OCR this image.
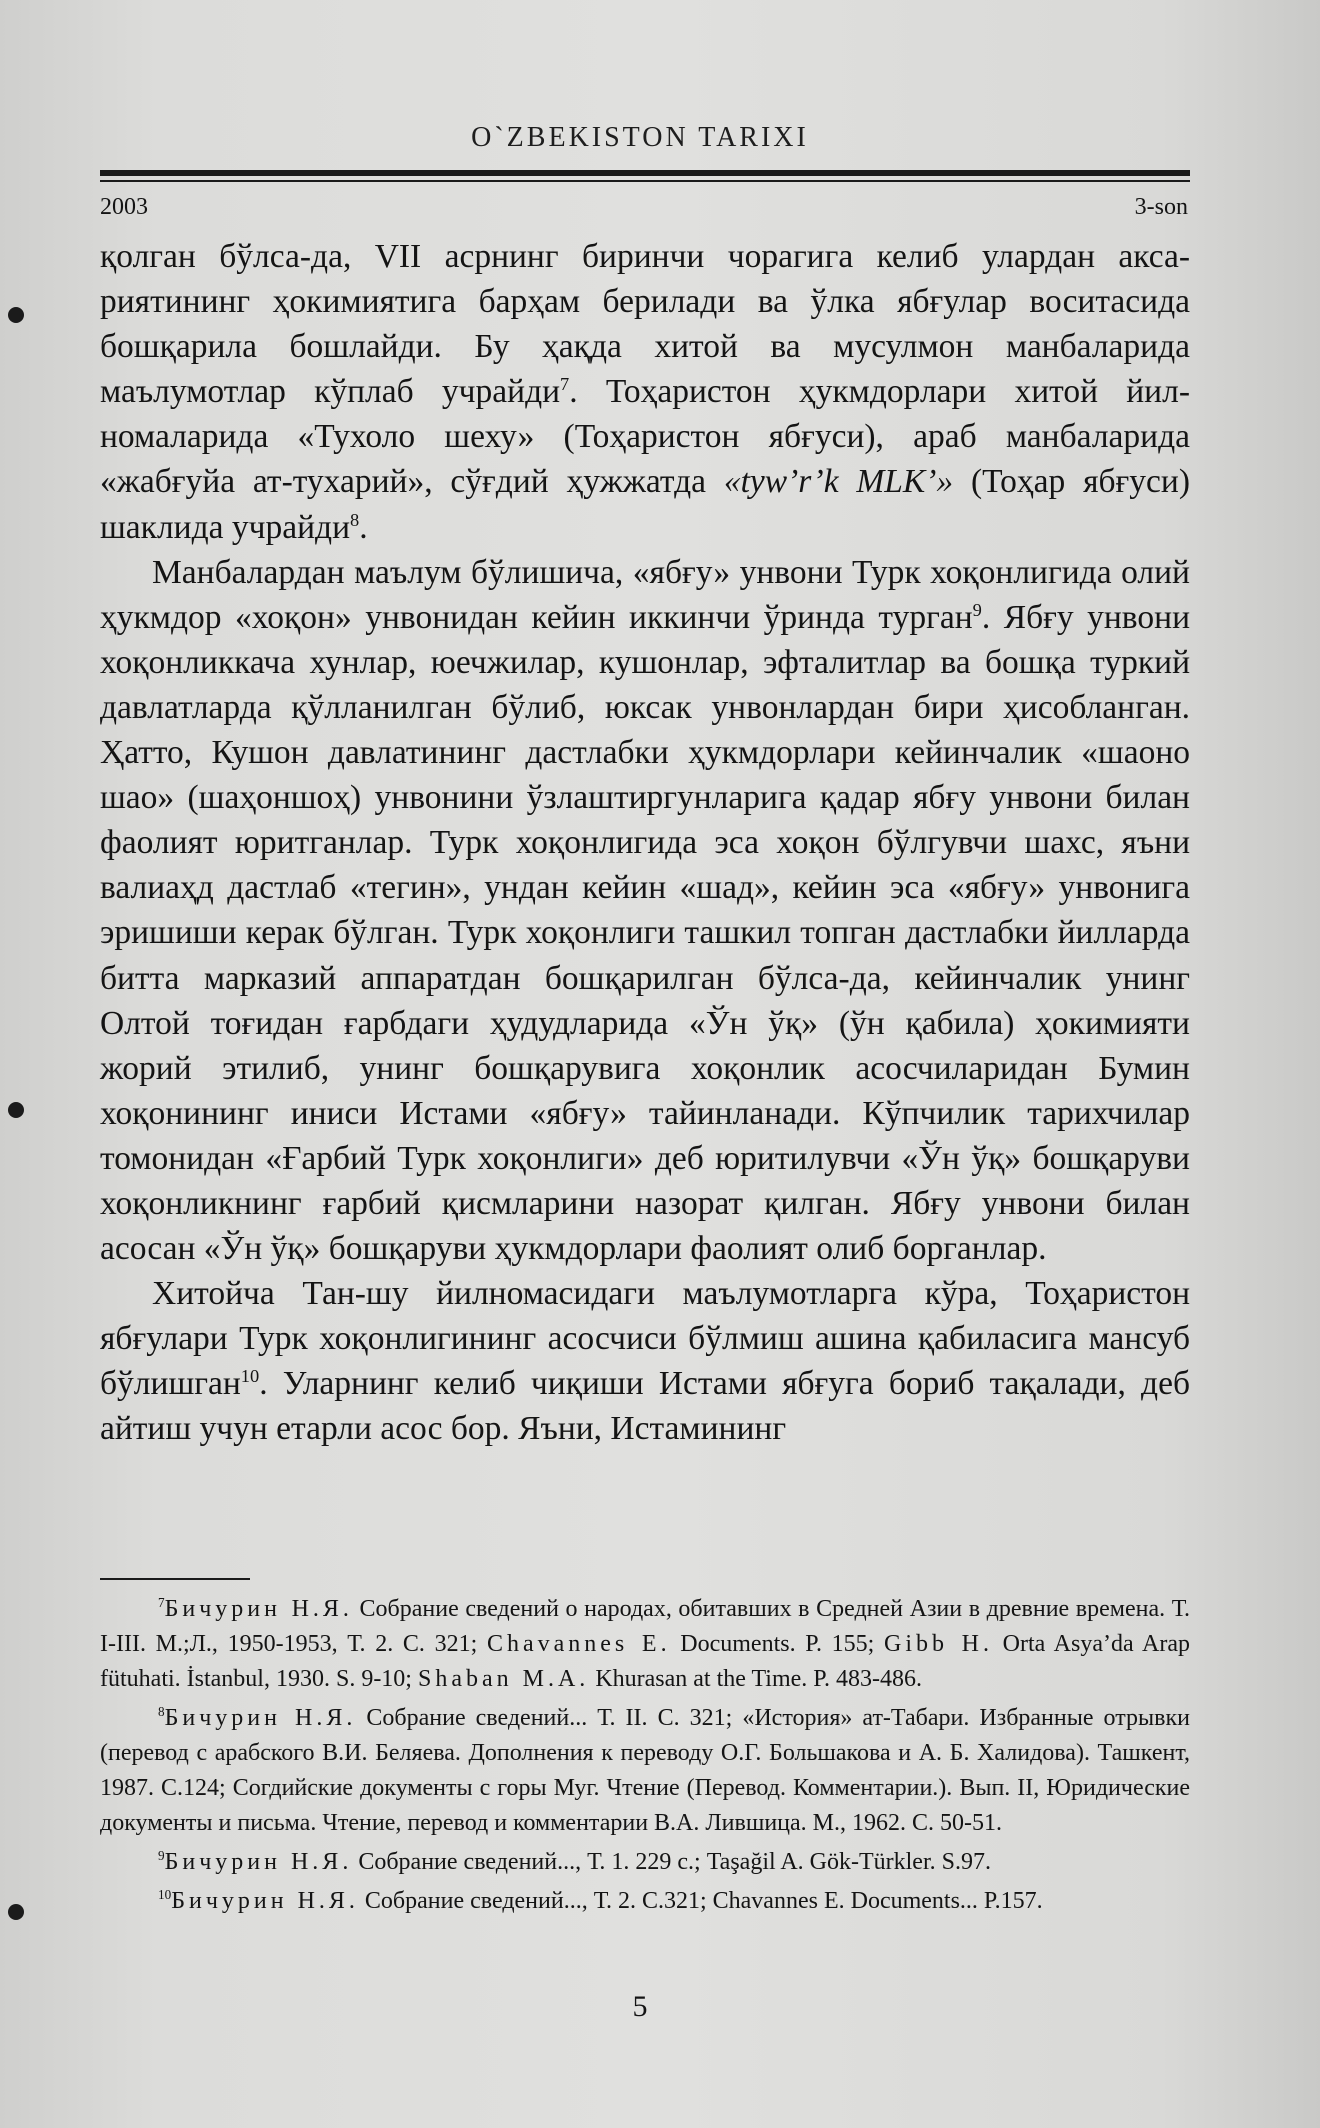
O`ZBEKISTON TARIXI
2003	3-son

қолган бўлса-да, VII асрнинг биринчи чорагига келиб улардан аксариятининг ҳокимиятига барҳам берилади ва ўлка ябғулар воситасида бошқарила бошлайди. Бу ҳақда хитой ва мусулмон манбаларида маълумотлар кўплаб учрайди$^7$. Тоҳаристон ҳукмдорлари хитой йилномаларида «Тухоло шеху» (Тоҳаристон ябғуси), араб манбаларида «жабғуйа ат-тухарий», сўғдий ҳужжатда «tyw’r’k MLK’» (Тоҳар ябғуси) шаклида учрайди$^8$.

Манбалардан маълум бўлишича, «ябғу» унвони Турк хоқонлигида олий ҳукмдор «хоқон» унвонидан кейин иккинчи ўринда турган$^9$. Ябғу унвони хоқонликкача хунлар, юечжилар, кушонлар, эфталитлар ва бошқа туркий давлатларда қўлланилган бўлиб, юксак унвонлардан бири ҳисобланган. Ҳатто, Кушон давлатининг дастлабки ҳукмдорлари кейинчалик «шаоно шао» (шаҳоншоҳ) унвонини ўзлаштиргунларига қадар ябғу унвони билан фаолият юритганлар. Турк хоқонлигида эса хоқон бўлгувчи шахс, яъни валиаҳд дастлаб «тегин», ундан кейин «шад», кейин эса «ябғу» унвонига эришиши керак бўлган. Турк хоқонлиги ташкил топган дастлабки йилларда битта марказий аппаратдан бошқарилган бўлса-да, кейинчалик унинг Олтой тоғидан ғарбдаги ҳудудларида «Ўн ўқ» (ўн қабила) ҳокимияти жорий этилиб, унинг бошқарувига хоқонлик асосчиларидан Бумин хоқонининг иниси Истами «ябғу» тайинланади. Кўпчилик тарихчилар томонидан «Ғарбий Турк хоқонлиги» деб юритилувчи «Ўн ўқ» бошқаруви хоқонликнинг ғарбий қисмларини назорат қилган. Ябғу унвони билан асосан «Ўн ўқ» бошқаруви ҳукмдорлари фаолият олиб борганлар.

Хитойча Тан-шу йилномасидаги маълумотларга кўра, Тоҳаристон ябғулари Турк хоқонлигининг асосчиси бўлмиш ашина қабиласига мансуб бўлишган$^{10}$. Уларнинг келиб чиқиши Истами ябғуга бориб тақалади, деб айтиш учун етарли асос бор. Яъни, Истамининг

$^7$Бичурин Н.Я. Собрание сведений о народах, обитавших в Средней Азии в древние времена. Т. I-III. М.;Л., 1950-1953, Т. 2. С. 321; Chavannes E. Documents. P. 155; Gibb H. Orta Asya’da Arap fütuhati. İstanbul, 1930. S. 9-10; Shaban M.A. Khurasan at the Time. P. 483-486.

$^8$Бичурин Н.Я. Собрание сведений... Т. II. С. 321; «История» ат-Табари. Избранные отрывки (перевод с арабского В.И. Беляева. Дополнения к переводу О.Г. Большакова и А. Б. Халидова). Ташкент, 1987. С.124; Согдийские документы с горы Муг. Чтение (Перевод. Комментарии.). Вып. II, Юридические документы и письма. Чтение, перевод и комментарии В.А. Лившица. М., 1962. С. 50-51.

$^9$Бичурин Н.Я. Собрание сведений..., Т. 1. 229 с.; Taşağil A. Gök-Türkler. S.97.

$^{10}$Бичурин Н.Я. Собрание сведений..., Т. 2. С.321; Chavannes E. Documents... P.157.

5
